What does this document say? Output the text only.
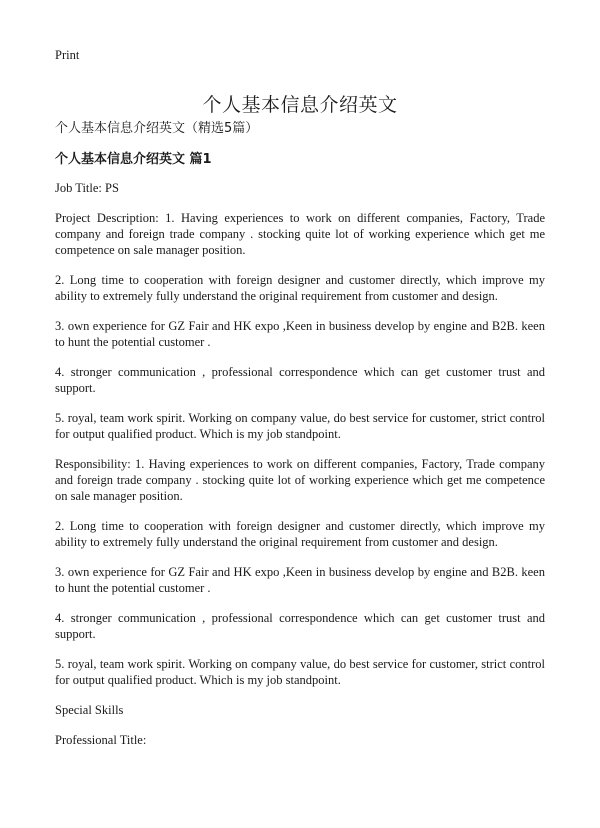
Print
个人基本信息介绍英文
个人基本信息介绍英文（精选5篇）
个人基本信息介绍英文 篇1

Job Title: PS

Project Description: 1. Having experiences to work on different companies, Factory, Trade company and foreign trade company . stocking quite lot of working experience which get me competence on sale manager position.

2. Long time to cooperation with foreign designer and customer directly, which improve my ability to extremely fully understand the original requirement from customer and design.

3. own experience for GZ Fair and HK expo ,Keen in business develop by engine and B2B. keen to hunt the potential customer .

4. stronger communication , professional correspondence which can get customer trust and support.

5. royal, team work spirit. Working on company value, do best service for customer, strict control for output qualified product. Which is my job standpoint.

Responsibility: 1. Having experiences to work on different companies, Factory, Trade company and foreign trade company . stocking quite lot of working experience which get me competence on sale manager position.

2. Long time to cooperation with foreign designer and customer directly, which improve my ability to extremely fully understand the original requirement from customer and design.

3. own experience for GZ Fair and HK expo ,Keen in business develop by engine and B2B. keen to hunt the potential customer .

4. stronger communication , professional correspondence which can get customer trust and support.

5. royal, team work spirit. Working on company value, do best service for customer, strict control for output qualified product. Which is my job standpoint.

Special Skills

Professional Title:
